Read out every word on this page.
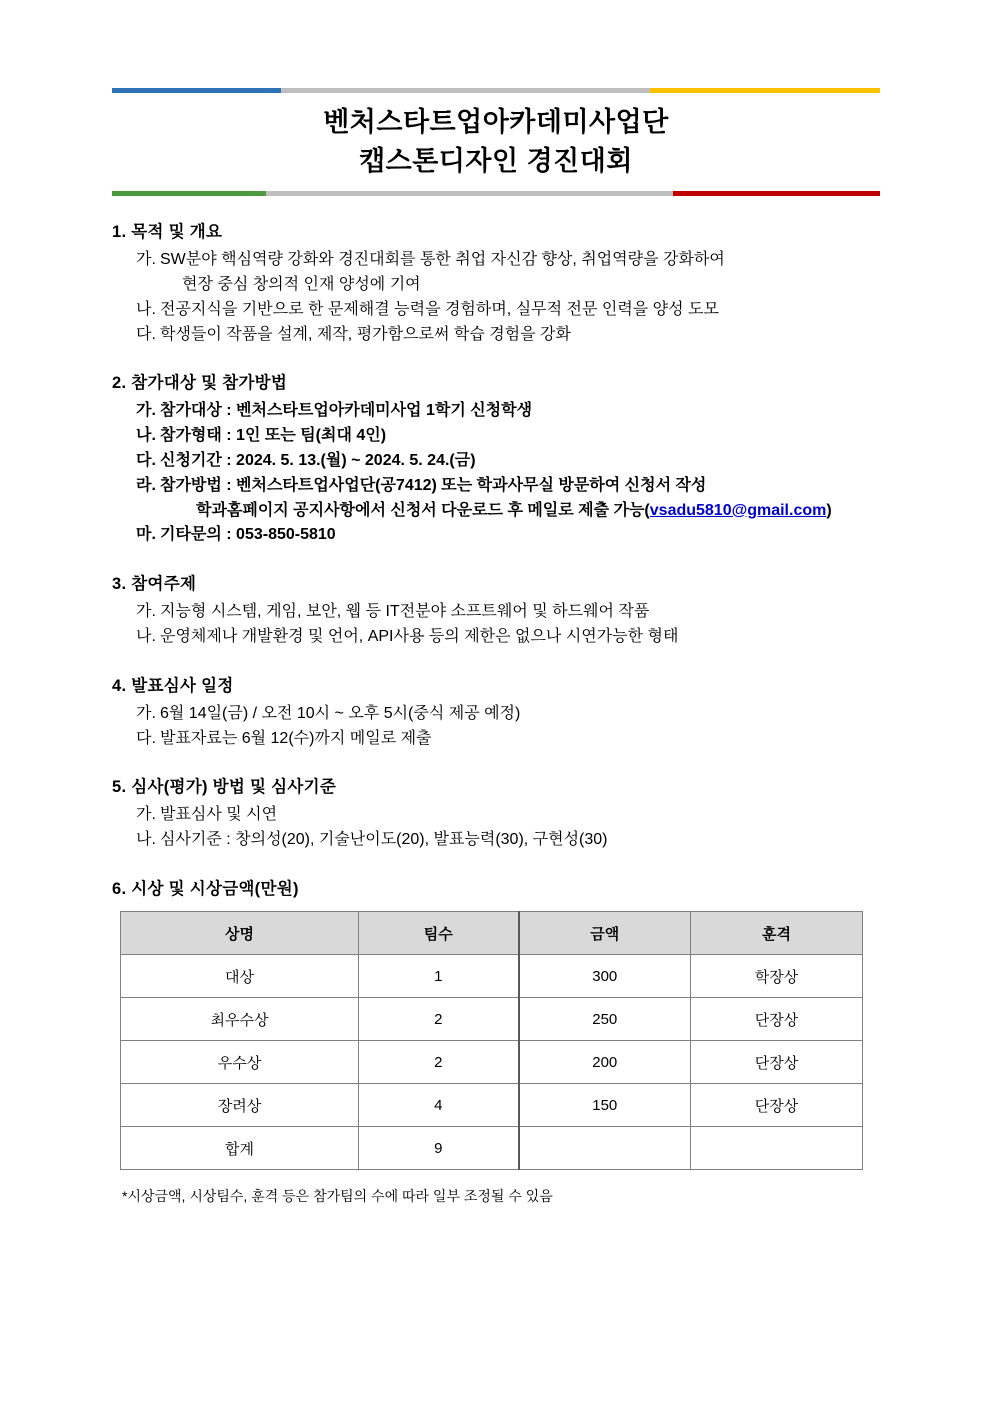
벤처스타트업아카데미사업단
캡스톤디자인 경진대회
1. 목적 및 개요
가. SW분야 핵심역량 강화와 경진대회를 통한 취업 자신감 향상, 취업역량을 강화하여
현장 중심 창의적 인재 양성에 기여
나. 전공지식을 기반으로 한 문제해결 능력을 경험하며, 실무적 전문 인력을 양성 도모
다. 학생들이 작품을 설계, 제작, 평가함으로써 학습 경험을 강화
2. 참가대상 및 참가방법
가. 참가대상 : 벤처스타트업아카데미사업 1학기 신청학생
나. 참가형태 : 1인 또는 팀(최대 4인)
다. 신청기간 : 2024. 5. 13.(월) ~ 2024. 5. 24.(금)
라. 참가방법 : 벤처스타트업사업단(공7412) 또는 학과사무실 방문하여 신청서 작성
학과홈페이지 공지사항에서 신청서 다운로드 후 메일로 제출 가능(vsadu5810@gmail.com)
마. 기타문의 : 053-850-5810
3. 참여주제
가. 지능형 시스템, 게임, 보안, 웹 등 IT전분야 소프트웨어 및 하드웨어 작품
나. 운영체제나 개발환경 및 언어, API사용 등의 제한은 없으나 시연가능한 형태
4. 발표심사 일정
가. 6월 14일(금) / 오전 10시 ~ 오후 5시(중식 제공 예정)
다. 발표자료는 6월 12(수)까지 메일로 제출
5. 심사(평가) 방법 및 심사기준
가. 발표심사 및 시연
나. 심사기준 : 창의성(20), 기술난이도(20), 발표능력(30), 구현성(30)
6. 시상 및 시상금액(만원)
상명	팀수	금액	훈격
대상	1	300	학장상
최우수상	2	250	단장상
우수상	2	200	단장상
장려상	4	150	단장상
합계	9		
*시상금액, 시상팀수, 훈격 등은 참가팀의 수에 따라 일부 조정될 수 있음
